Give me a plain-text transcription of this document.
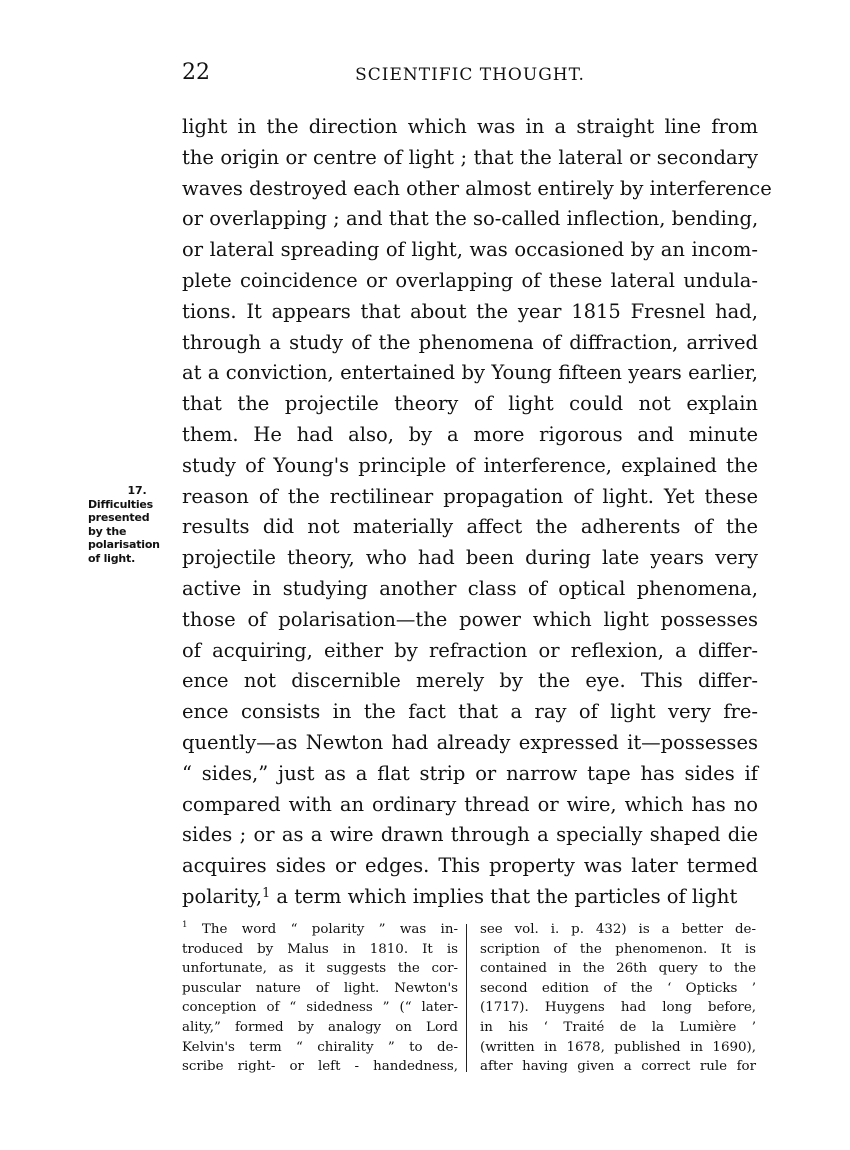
22	SCIENTIFIC THOUGHT.
17.
Difficulties
presented
by the
polarisation
of light.
light in the direction which was in a straight line from
the origin or centre of light ; that the lateral or secondary
waves destroyed each other almost entirely by interference
or overlapping ; and that the so-called inflection, bending,
or lateral spreading of light, was occasioned by an incom-
plete coincidence or overlapping of these lateral undula-
tions. It appears that about the year 1815 Fresnel had,
through a study of the phenomena of diffraction, arrived
at a conviction, entertained by Young fifteen years earlier,
that the projectile theory of light could not explain
them. He had also, by a more rigorous and minute
study of Young's principle of interference, explained the
reason of the rectilinear propagation of light. Yet these
results did not materially affect the adherents of the
projectile theory, who had been during late years very
active in studying another class of optical phenomena,
those of polarisation—the power which light possesses
of acquiring, either by refraction or reflexion, a differ-
ence not discernible merely by the eye. This differ-
ence consists in the fact that a ray of light very fre-
quently—as Newton had already expressed it—possesses
“ sides,” just as a flat strip or narrow tape has sides if
compared with an ordinary thread or wire, which has no
sides ; or as a wire drawn through a specially shaped die
acquires sides or edges. This property was later termed
polarity,$^1$ a term which implies that the particles of light
$^1$ The word “ polarity ” was in-
troduced by Malus in 1810. It is
unfortunate, as it suggests the cor-
puscular nature of light. Newton's
conception of “ sidedness ” (“ later-
ality,” formed by analogy on Lord
Kelvin's term “ chirality ” to de-
scribe right- or left - handedness,
see vol. i. p. 432) is a better de-
scription of the phenomenon. It is
contained in the 26th query to the
second edition of the ‘ Opticks ’
(1717). Huygens had long before,
in his ‘ Traité de la Lumière ’
(written in 1678, published in 1690),
after having given a correct rule for
